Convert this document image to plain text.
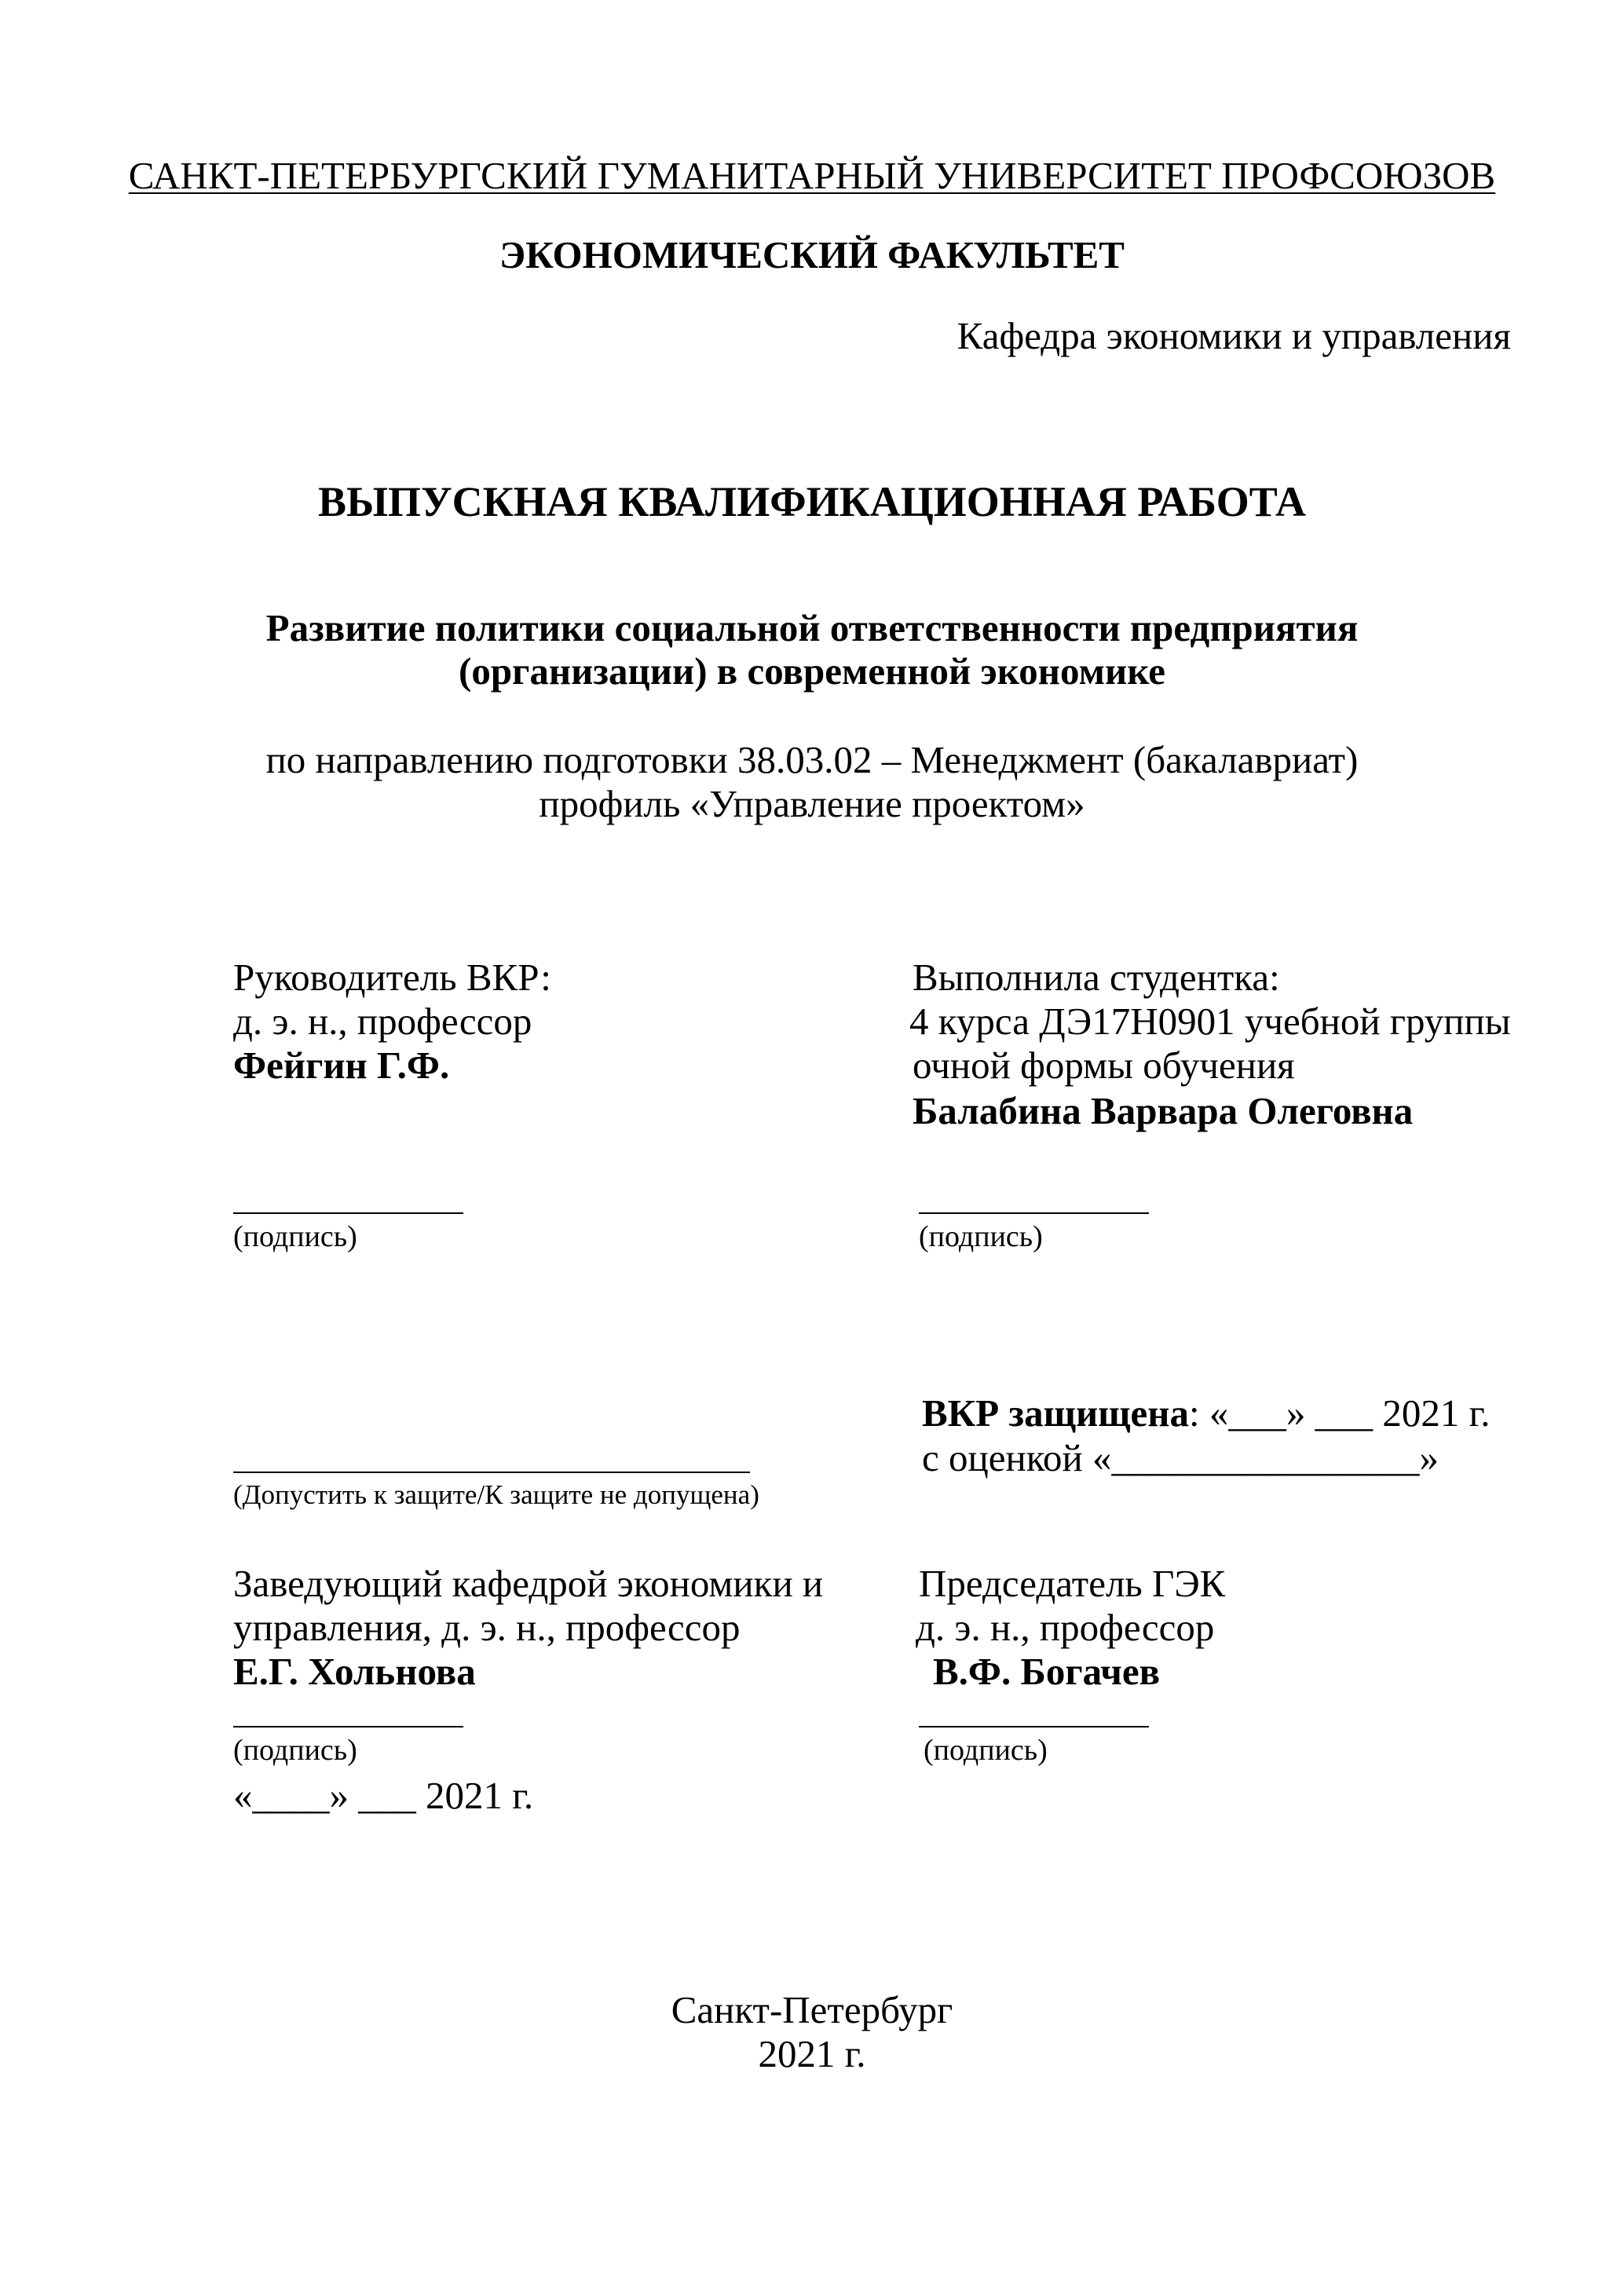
САНКТ-ПЕТЕРБУРГСКИЙ ГУМАНИТАРНЫЙ УНИВЕРСИТЕТ ПРОФСОЮЗОВ
ЭКОНОМИЧЕСКИЙ ФАКУЛЬТЕТ
Кафедра экономики и управления
ВЫПУСКНАЯ КВАЛИФИКАЦИОННАЯ РАБОТА
Развитие политики социальной ответственности предприятия
(организации) в современной экономике
по направлению подготовки 38.03.02 – Менеджмент (бакалавриат)
профиль «Управление проектом»
Руководитель ВКР:
д. э. н., профессор
Фейгин Г.Ф.
(подпись)
Выполнила студентка:
4 курса ДЭ17Н0901 учебной группы
очной формы обучения
Балабина Варвара Олеговна
(подпись)
(Допустить к защите/К защите не допущена)
ВКР защищена: «___» ___ 2021 г.
с оценкой «________________»
Заведующий кафедрой экономики и
управления, д. э. н., профессор
Е.Г. Хольнова
(подпись)
«____» ___ 2021 г.
Председатель ГЭК
д. э. н., профессор
В.Ф. Богачев
(подпись)
Санкт-Петербург
2021 г.
